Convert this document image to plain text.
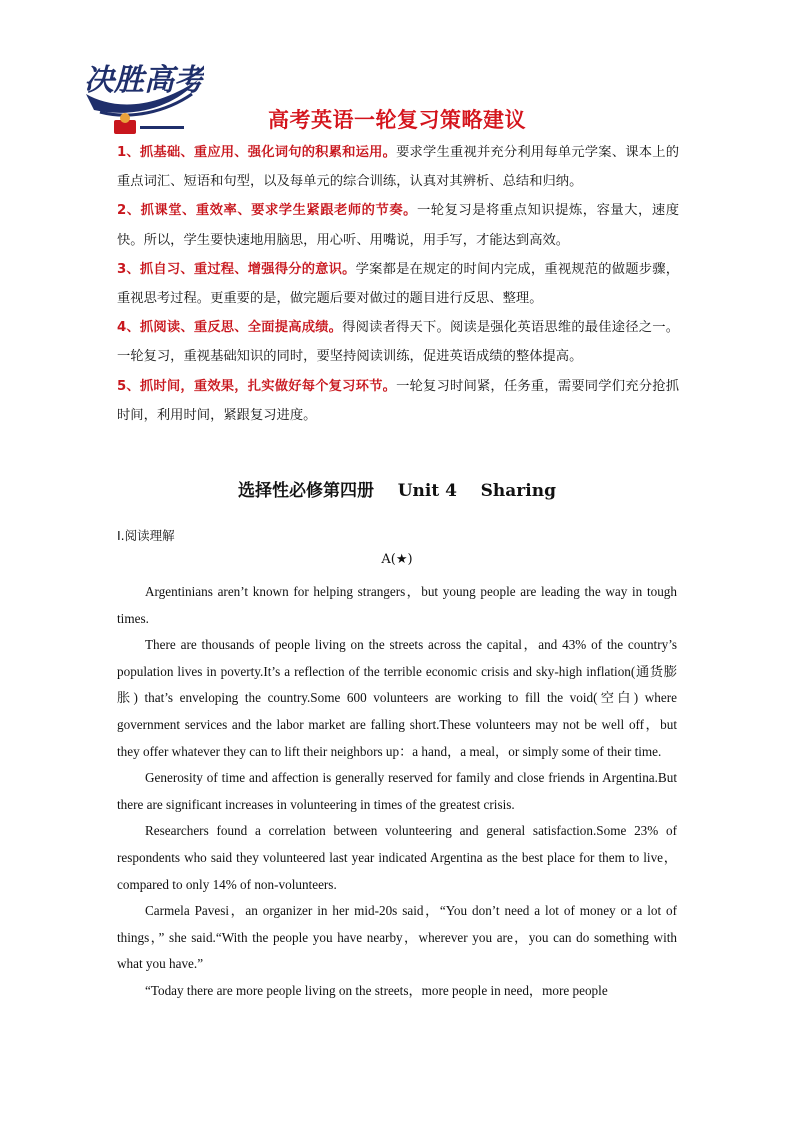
决胜高考
高考英语一轮复习策略建议

1、抓基础、重应用、强化词句的积累和运用。要求学生重视并充分利用每单元学案、课本上的重点词汇、短语和句型，以及每单元的综合训练，认真对其辨析、总结和归纳。

2、抓课堂、重效率、要求学生紧跟老师的节奏。一轮复习是将重点知识提炼，容量大，速度快。所以，学生要快速地用脑思，用心听、用嘴说，用手写，才能达到高效。

3、抓自习、重过程、增强得分的意识。学案都是在规定的时间内完成，重视规范的做题步骤，重视思考过程。更重要的是，做完题后要对做过的题目进行反思、整理。

4、抓阅读、重反思、全面提高成绩。得阅读者得天下。阅读是强化英语思维的最佳途径之一。一轮复习，重视基础知识的同时，要坚持阅读训练，促进英语成绩的整体提高。

5、抓时间，重效果，扎实做好每个复习环节。一轮复习时间紧，任务重，需要同学们充分抢抓时间，利用时间，紧跟复习进度。

选择性必修第四册    Unit 4    Sharing
Ⅰ.阅读理解
A(★)

Argentinians aren’t known for helping strangers，but young people are leading the way in tough times.

There are thousands of people living on the streets across the capital，and 43% of the country’s population lives in poverty.It’s a reflection of the terrible economic crisis and sky-high inflation(通货膨胀) that’s enveloping the country.Some 600 volunteers are working to fill the void(空白) where government services and the labor market are falling short.These volunteers may not be well off，but they offer whatever they can to lift their neighbors up：a hand，a meal，or simply some of their time.

Generosity of time and affection is generally reserved for family and close friends in Argentina.But there are significant increases in volunteering in times of the greatest crisis.

Researchers found a correlation between volunteering and general satisfaction.Some 23% of respondents who said they volunteered last year indicated Argentina as the best place for them to live，compared to only 14% of non-volunteers.

Carmela Pavesi，an organizer in her mid-20s said，“You don’t need a lot of money or a lot of things，” she said.“With the people you have nearby，wherever you are，you can do something with what you have.”

“Today there are more people living on the streets，more people in need，more people
